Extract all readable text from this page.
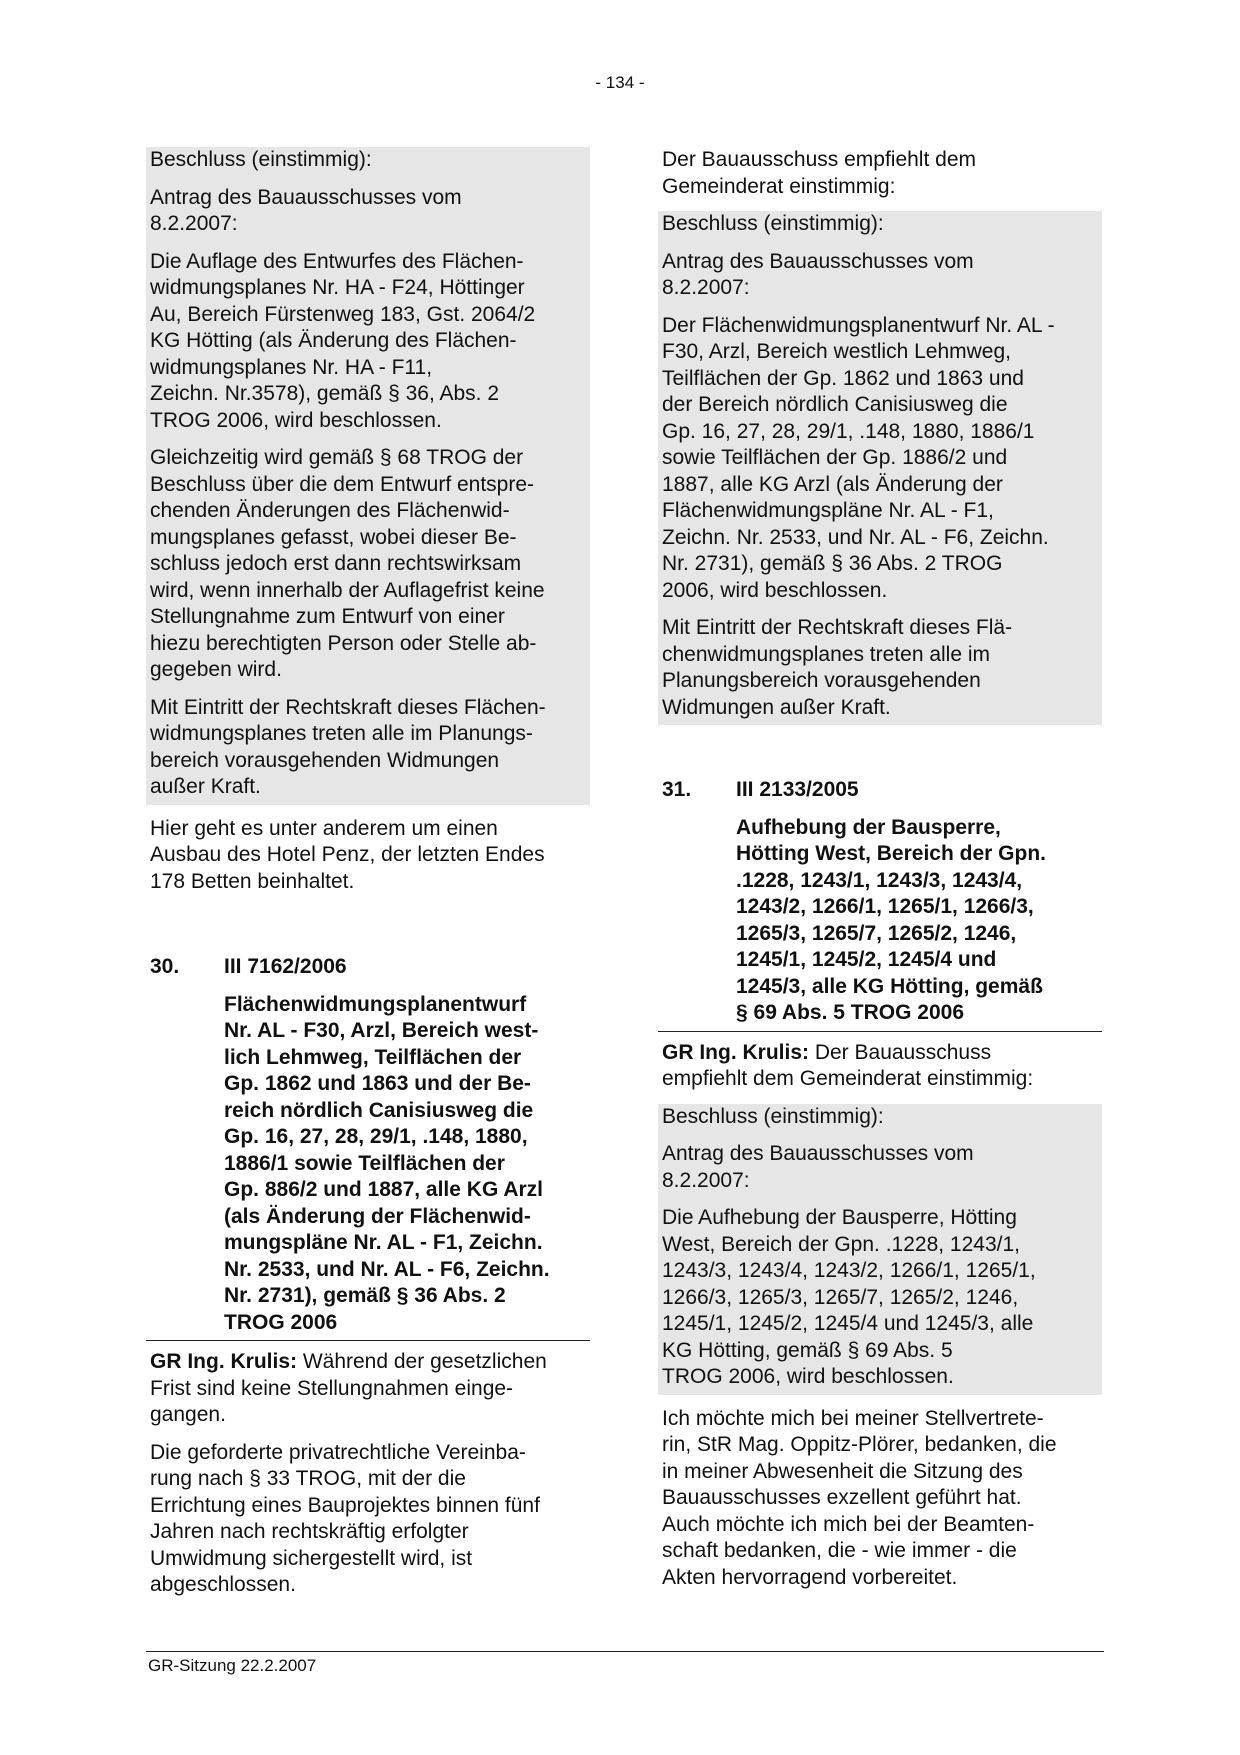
- 134 -

Beschluss (einstimmig):

Antrag des Bauausschusses vom
8.2.2007:

Die Auflage des Entwurfes des Flächen-
widmungsplanes Nr. HA - F24, Höttinger
Au, Bereich Fürstenweg 183, Gst. 2064/2
KG Hötting (als Änderung des Flächen-
widmungsplanes Nr. HA - F11,
Zeichn. Nr.3578), gemäß § 36, Abs. 2
TROG 2006, wird beschlossen.

Gleichzeitig wird gemäß § 68 TROG der
Beschluss über die dem Entwurf entspre-
chenden Änderungen des Flächenwid-
mungsplanes gefasst, wobei dieser Be-
schluss jedoch erst dann rechtswirksam
wird, wenn innerhalb der Auflagefrist keine
Stellungnahme zum Entwurf von einer
hiezu berechtigten Person oder Stelle ab-
gegeben wird.

Mit Eintritt der Rechtskraft dieses Flächen-
widmungsplanes treten alle im Planungs-
bereich vorausgehenden Widmungen
außer Kraft.

Hier geht es unter anderem um einen
Ausbau des Hotel Penz, der letzten Endes
178 Betten beinhaltet.

30.	III 7162/2006

Flächenwidmungsplanentwurf
Nr. AL - F30, Arzl, Bereich west-
lich Lehmweg, Teilflächen der
Gp. 1862 und 1863 und der Be-
reich nördlich Canisiusweg die
Gp. 16, 27, 28, 29/1, .148, 1880,
1886/1 sowie Teilflächen der
Gp. 886/2 und 1887, alle KG Arzl
(als Änderung der Flächenwid-
mungspläne Nr. AL - F1, Zeichn.
Nr. 2533, und Nr. AL - F6, Zeichn.
Nr. 2731), gemäß § 36 Abs. 2
TROG 2006

GR Ing. Krulis: Während der gesetzlichen
Frist sind keine Stellungnahmen einge-
gangen.

Die geforderte privatrechtliche Vereinba-
rung nach § 33 TROG, mit der die
Errichtung eines Bauprojektes binnen fünf
Jahren nach rechtskräftig erfolgter
Umwidmung sichergestellt wird, ist
abgeschlossen.

Der Bauausschuss empfiehlt dem
Gemeinderat einstimmig:

Beschluss (einstimmig):

Antrag des Bauausschusses vom
8.2.2007:

Der Flächenwidmungsplanentwurf Nr. AL -
F30, Arzl, Bereich westlich Lehmweg,
Teilflächen der Gp. 1862 und 1863 und
der Bereich nördlich Canisiusweg die
Gp. 16, 27, 28, 29/1, .148, 1880, 1886/1
sowie Teilflächen der Gp. 1886/2 und
1887, alle KG Arzl (als Änderung der
Flächenwidmungspläne Nr. AL - F1,
Zeichn. Nr. 2533, und Nr. AL - F6, Zeichn.
Nr. 2731), gemäß § 36 Abs. 2 TROG
2006, wird beschlossen.

Mit Eintritt der Rechtskraft dieses Flä-
chenwidmungsplanes treten alle im
Planungsbereich vorausgehenden
Widmungen außer Kraft.

31.	III 2133/2005

Aufhebung der Bausperre,
Hötting West, Bereich der Gpn.
.1228, 1243/1, 1243/3, 1243/4,
1243/2, 1266/1, 1265/1, 1266/3,
1265/3, 1265/7, 1265/2, 1246,
1245/1, 1245/2, 1245/4 und
1245/3, alle KG Hötting, gemäß
§ 69 Abs. 5 TROG 2006

GR Ing. Krulis: Der Bauausschuss
empfiehlt dem Gemeinderat einstimmig:

Beschluss (einstimmig):

Antrag des Bauausschusses vom
8.2.2007:

Die Aufhebung der Bausperre, Hötting
West, Bereich der Gpn. .1228, 1243/1,
1243/3, 1243/4, 1243/2, 1266/1, 1265/1,
1266/3, 1265/3, 1265/7, 1265/2, 1246,
1245/1, 1245/2, 1245/4 und 1245/3, alle
KG Hötting, gemäß § 69 Abs. 5
TROG 2006, wird beschlossen.

Ich möchte mich bei meiner Stellvertrete-
rin, StR Mag. Oppitz-Plörer, bedanken, die
in meiner Abwesenheit die Sitzung des
Bauausschusses exzellent geführt hat.
Auch möchte ich mich bei der Beamten-
schaft bedanken, die - wie immer - die
Akten hervorragend vorbereitet.

GR-Sitzung 22.2.2007
